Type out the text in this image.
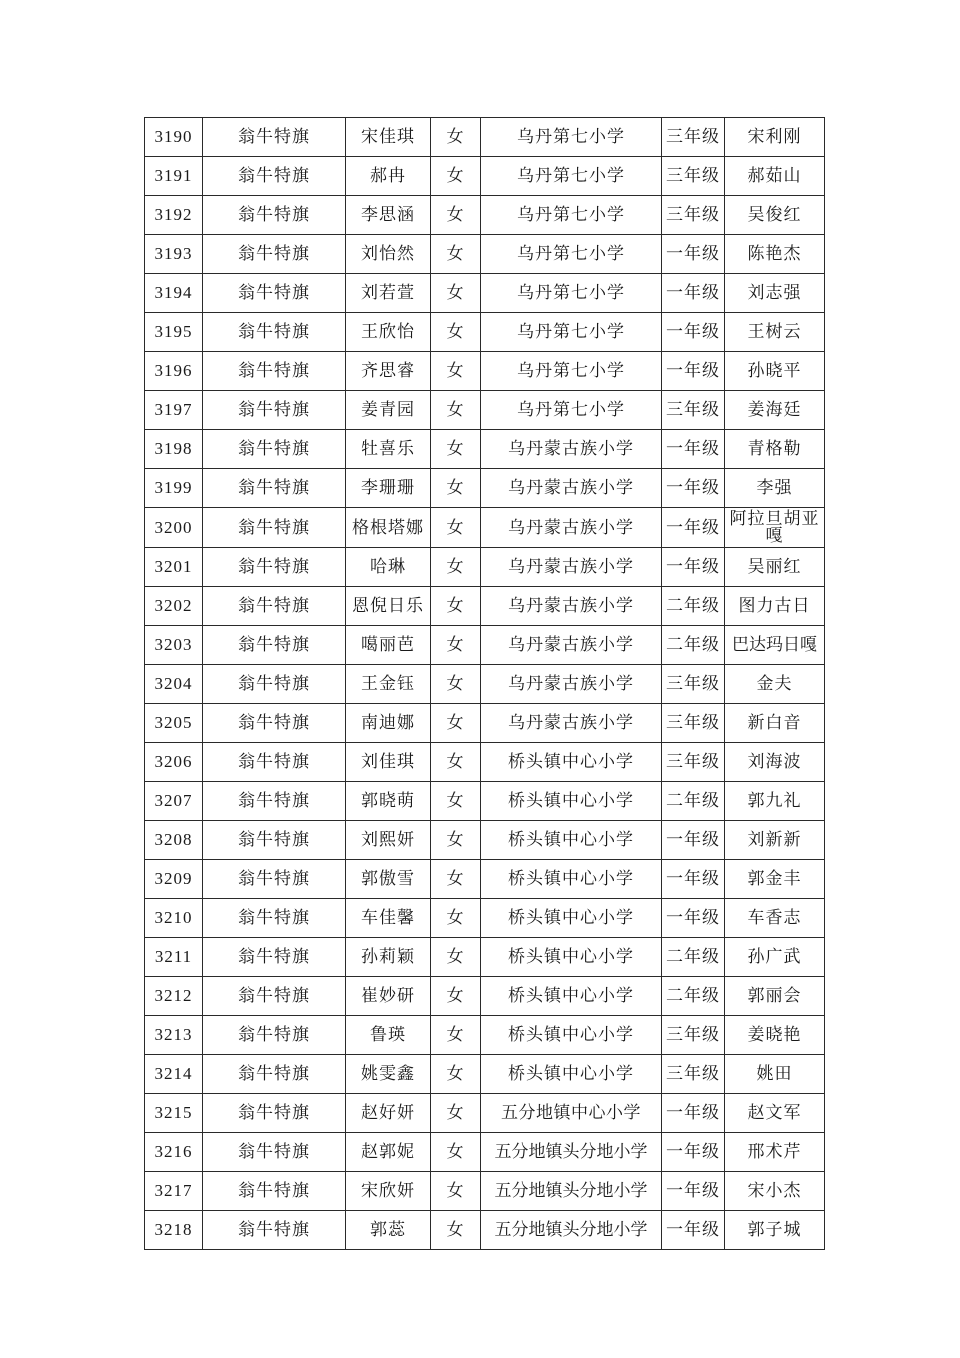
3190	翁牛特旗	宋佳琪	女	乌丹第七小学	三年级	宋利刚
3191	翁牛特旗	郝冉	女	乌丹第七小学	三年级	郝茹山
3192	翁牛特旗	李思涵	女	乌丹第七小学	三年级	吴俊红
3193	翁牛特旗	刘怡然	女	乌丹第七小学	一年级	陈艳杰
3194	翁牛特旗	刘若萱	女	乌丹第七小学	一年级	刘志强
3195	翁牛特旗	王欣怡	女	乌丹第七小学	一年级	王树云
3196	翁牛特旗	齐思睿	女	乌丹第七小学	一年级	孙晓平
3197	翁牛特旗	姜青园	女	乌丹第七小学	三年级	姜海廷
3198	翁牛特旗	牡喜乐	女	乌丹蒙古族小学	一年级	青格勒
3199	翁牛特旗	李珊珊	女	乌丹蒙古族小学	一年级	李强
3200	翁牛特旗	格根塔娜	女	乌丹蒙古族小学	一年级	阿拉旦胡亚嘎
3201	翁牛特旗	哈琳	女	乌丹蒙古族小学	一年级	吴丽红
3202	翁牛特旗	恩倪日乐	女	乌丹蒙古族小学	二年级	图力古日
3203	翁牛特旗	噶丽芭	女	乌丹蒙古族小学	二年级	巴达玛日嘎
3204	翁牛特旗	王金钰	女	乌丹蒙古族小学	三年级	金夫
3205	翁牛特旗	南迪娜	女	乌丹蒙古族小学	三年级	新白音
3206	翁牛特旗	刘佳琪	女	桥头镇中心小学	三年级	刘海波
3207	翁牛特旗	郭晓萌	女	桥头镇中心小学	二年级	郭九礼
3208	翁牛特旗	刘熙妍	女	桥头镇中心小学	一年级	刘新新
3209	翁牛特旗	郭傲雪	女	桥头镇中心小学	一年级	郭金丰
3210	翁牛特旗	车佳馨	女	桥头镇中心小学	一年级	车香志
3211	翁牛特旗	孙莉颖	女	桥头镇中心小学	二年级	孙广武
3212	翁牛特旗	崔妙研	女	桥头镇中心小学	二年级	郭丽会
3213	翁牛特旗	鲁瑛	女	桥头镇中心小学	三年级	姜晓艳
3214	翁牛特旗	姚雯鑫	女	桥头镇中心小学	三年级	姚田
3215	翁牛特旗	赵好妍	女	五分地镇中心小学	一年级	赵文军
3216	翁牛特旗	赵郭妮	女	五分地镇头分地小学	一年级	邢术芹
3217	翁牛特旗	宋欣妍	女	五分地镇头分地小学	一年级	宋小杰
3218	翁牛特旗	郭蕊	女	五分地镇头分地小学	一年级	郭子城
